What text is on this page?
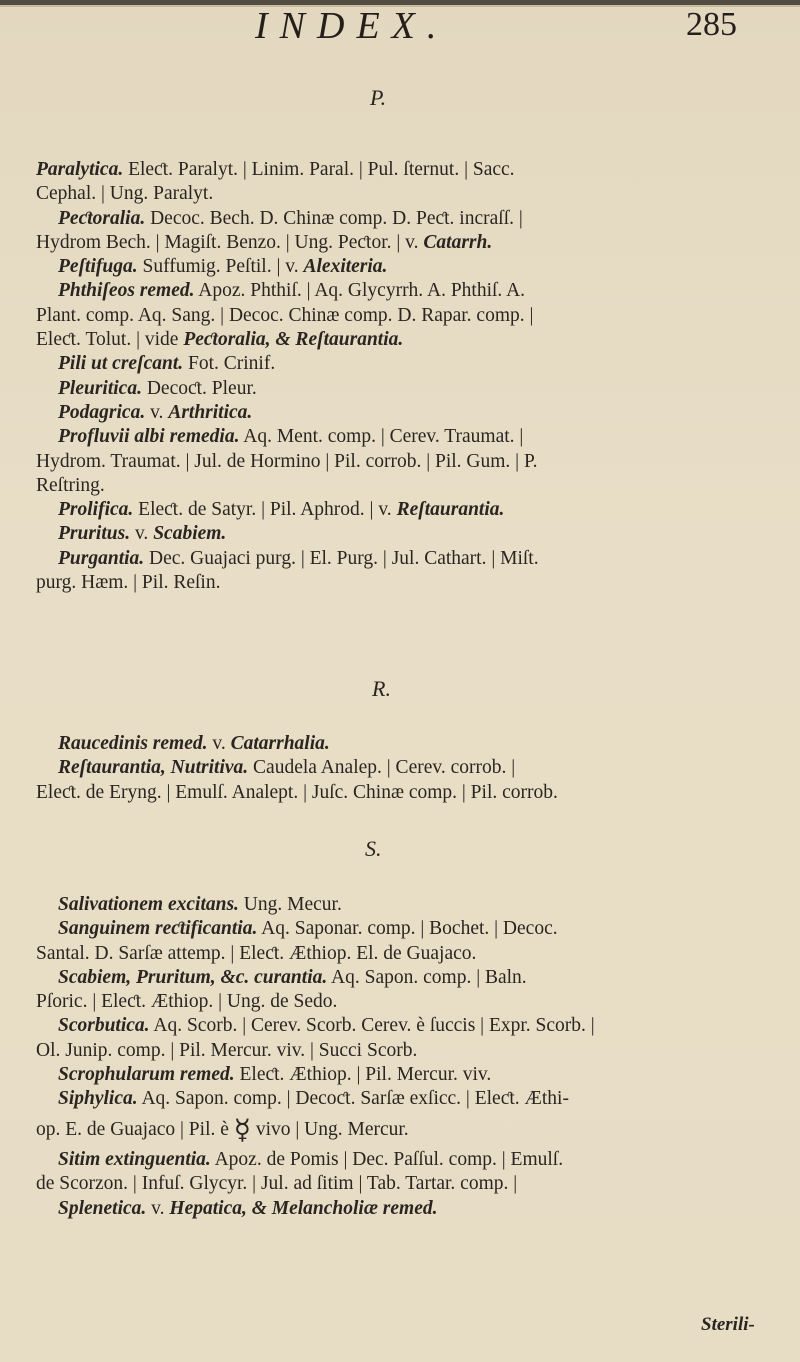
INDEX.	285
P.
Paralytica. Eleƈt. Paralyt. | Linim. Paral. | Pul. ſternut. | Sacc.
Cephal. | Ung. Paralyt.
Peƈtoralia. Decoc. Bech. D. Chinæ comp. D. Peƈt. incraſſ. |
Hydrom Bech. | Magiſt. Benzo. | Ung. Peƈtor. | v. Catarrh.
Peſtifuga. Suffumig. Peſtil. | v. Alexiteria.
Phthiſeos remed. Apoz. Phthiſ. | Aq. Glycyrrh. A. Phthiſ. A.
Plant. comp. Aq. Sang. | Decoc. Chinæ comp. D. Rapar. comp. |
Eleƈt. Tolut. | vide Peƈtoralia, & Reſtaurantia.
Pili ut creſcant. Fot. Crinif.
Pleuritica. Decoƈt. Pleur.
Podagrica. v. Arthritica.
Profluvii albi remedia. Aq. Ment. comp. | Cerev. Traumat. |
Hydrom. Traumat. | Jul. de Hormino | Pil. corrob. | Pil. Gum. | P.
Reſtring.
Prolifica. Eleƈt. de Satyr. | Pil. Aphrod. | v. Reſtaurantia.
Pruritus. v. Scabiem.
Purgantia. Dec. Guajaci purg. | El. Purg. | Jul. Cathart. | Miſt.
purg. Hæm. | Pil. Reſin.
R.
Raucedinis remed. v. Catarrhalia.
Reſtaurantia, Nutritiva. Caudela Analep. | Cerev. corrob. |
Eleƈt. de Eryng. | Emulſ. Analept. | Juſc. Chinæ comp. | Pil. corrob.
S.
Salivationem excitans. Ung. Mecur.
Sanguinem reƈtificantia. Aq. Saponar. comp. | Bochet. | Decoc.
Santal. D. Sarſæ attemp. | Eleƈt. Æthiop. El. de Guajaco.
Scabiem, Pruritum, &c. curantia. Aq. Sapon. comp. | Baln.
Pſoric. | Eleƈt. Æthiop. | Ung. de Sedo.
Scorbutica. Aq. Scorb. | Cerev. Scorb. Cerev. è ſuccis | Expr. Scorb. |
Ol. Junip. comp. | Pil. Mercur. viv. | Succi Scorb.
Scrophularum remed. Eleƈt. Æthiop. | Pil. Mercur. viv.
Siphylica. Aq. Sapon. comp. | Decoƈt. Sarſæ exſicc. | Eleƈt. Æthi-
op. E. de Guajaco | Pil. è ☿ vivo | Ung. Mercur.
Sitim extinguentia. Apoz. de Pomis | Dec. Paſſul. comp. | Emulſ.
de Scorzon. | Infuſ. Glycyr. | Jul. ad ſitim | Tab. Tartar. comp. |
Splenetica. v. Hepatica, & Melancholiæ remed.
Sterili-
